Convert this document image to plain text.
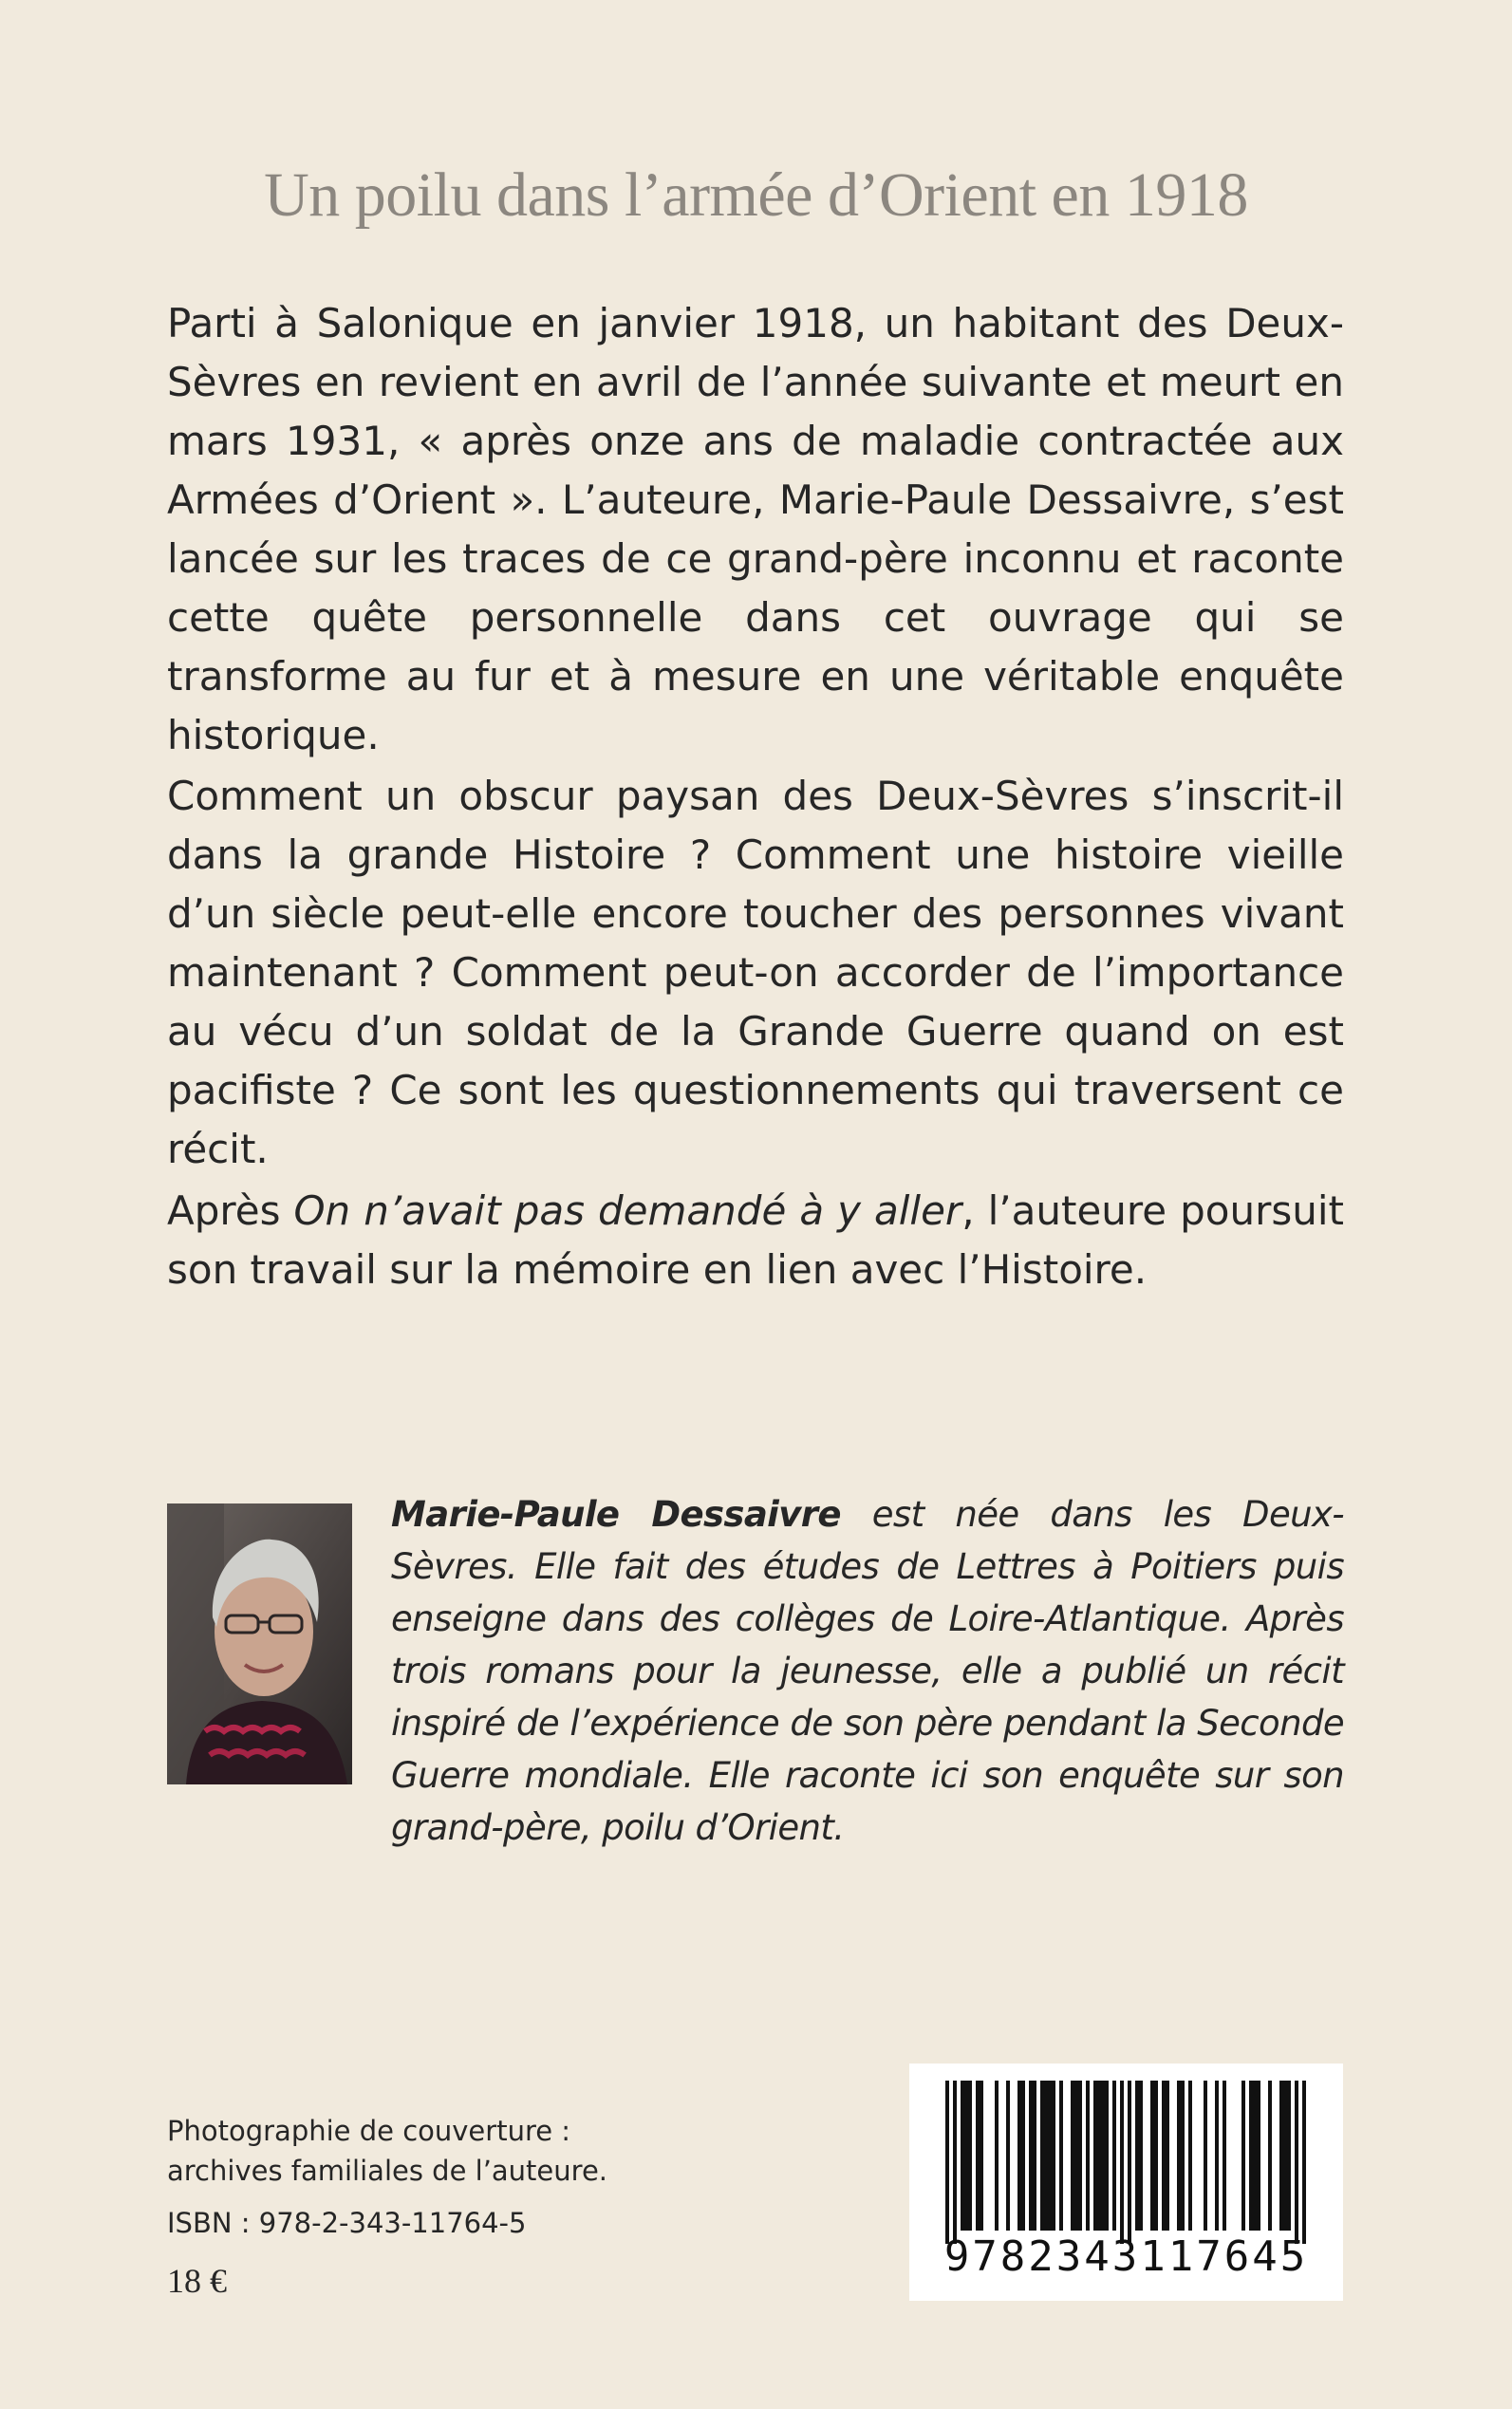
Un poilu dans l’armée d’Orient en 1918

Parti à Salonique en janvier 1918, un habitant des Deux-Sèvres en revient en avril de l’année suivante et meurt en mars 1931, « après onze ans de maladie contractée aux Armées d’Orient ». L’auteure, Marie-Paule Dessaivre, s’est lancée sur les traces de ce grand-père inconnu et raconte cette quête personnelle dans cet ouvrage qui se transforme au fur et à mesure en une véritable enquête historique.

Comment un obscur paysan des Deux-Sèvres s’inscrit-il dans la grande Histoire ? Comment une histoire vieille d’un siècle peut-elle encore toucher des personnes vivant maintenant ? Comment peut-on accorder de l’importance au vécu d’un soldat de la Grande Guerre quand on est pacifiste ? Ce sont les questionnements qui traversent ce récit.

Après On n’avait pas demandé à y aller, l’auteure poursuit son travail sur la mémoire en lien avec l’Histoire.

Marie-Paule Dessaivre est née dans les Deux-Sèvres. Elle fait des études de Lettres à Poitiers puis enseigne dans des collèges de Loire-Atlantique. Après trois romans pour la jeunesse, elle a publié un récit inspiré de l’expérience de son père pendant la Seconde Guerre mondiale. Elle raconte ici son enquête sur son grand-père, poilu d’Orient.

Photographie de couverture :
archives familiales de l’auteure.
ISBN : 978-2-343-11764-5
18 €	9782343117645
